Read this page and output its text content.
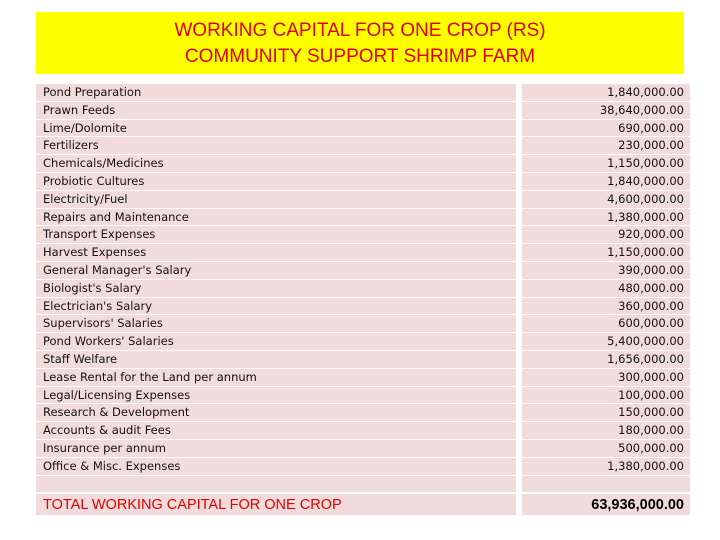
WORKING CAPITAL FOR ONE CROP (RS)
COMMUNITY SUPPORT SHRIMP FARM
Pond Preparation	1,840,000.00
Prawn Feeds	38,640,000.00
Lime/Dolomite	690,000.00
Fertilizers	230,000.00
Chemicals/Medicines	1,150,000.00
Probiotic Cultures	1,840,000.00
Electricity/Fuel	4,600,000.00
Repairs and Maintenance	1,380,000.00
Transport Expenses	920,000.00
Harvest Expenses	1,150,000.00
General Manager's Salary	390,000.00
Biologist's Salary	480,000.00
Electrician's Salary	360,000.00
Supervisors' Salaries	600,000.00
Pond Workers' Salaries	5,400,000.00
Staff Welfare	1,656,000.00
Lease Rental for the Land per annum	300,000.00
Legal/Licensing Expenses	100,000.00
Research & Development	150,000.00
Accounts & audit Fees	180,000.00
Insurance per annum	500,000.00
Office & Misc. Expenses	1,380,000.00
TOTAL WORKING CAPITAL FOR ONE CROP	63,936,000.00
